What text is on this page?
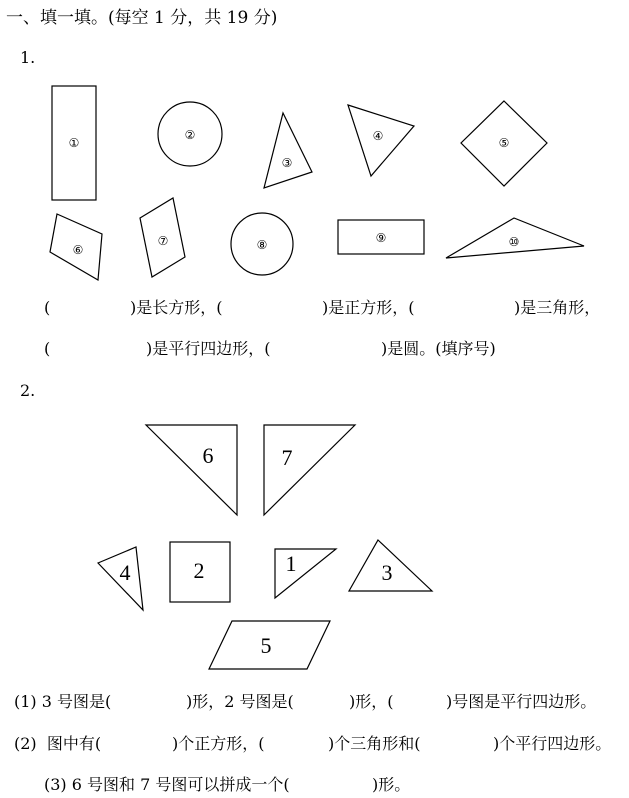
一、填一填。(每空 1 分，共 19 分)
1.
①
②
③
④	⑤
⑥
⑦	⑧	⑨	⑩
6	7
4	2	1	3
5
(	)是长方形，(	)是正方形，(	)是三角形，
(	)是平行四边形，(	)是圆。(填序号)
2.
(1) 3 号图是(	)形，2 号图是(	)形，(	)号图是平行四边形。
(2)  图中有(	)个正方形，(	)个三角形和(	)个平行四边形。
(3) 6 号图和 7 号图可以拼成一个(	)形。
